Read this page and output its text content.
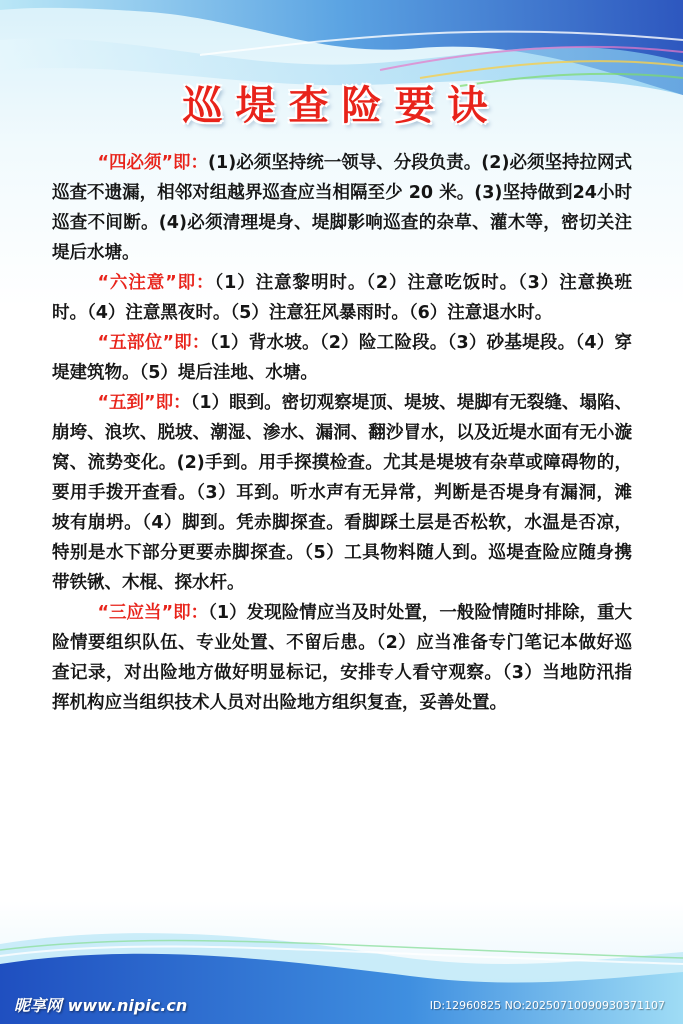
巡堤查险要诀

“四必须”即：(1)必须坚持统一领导、分段负责。(2)必须坚持拉网式巡查不遗漏，相邻对组越界巡查应当相隔至少 20 米。(3)坚持做到24小时巡查不间断。(4)必须清理堤身、堤脚影响巡查的杂草、灌木等，密切关注堤后水塘。

“六注意”即：（1）注意黎明时。（2）注意吃饭时。（3）注意换班时。（4）注意黑夜时。（5）注意狂风暴雨时。（6）注意退水时。

“五部位”即：（1）背水坡。（2）险工险段。（3）砂基堤段。（4）穿堤建筑物。（5）堤后洼地、水塘。

“五到”即：（1）眼到。密切观察堤顶、堤坡、堤脚有无裂缝、塌陷、崩垮、浪坎、脱坡、潮湿、渗水、漏洞、翻沙冒水，以及近堤水面有无小漩窝、流势变化。(2)手到。用手探摸检查。尤其是堤坡有杂草或障碍物的，要用手拨开查看。（3）耳到。听水声有无异常，判断是否堤身有漏洞，滩坡有崩坍。（4）脚到。凭赤脚探查。看脚踩土层是否松软，水温是否凉，特别是水下部分更要赤脚探查。（5）工具物料随人到。巡堤查险应随身携带铁锹、木棍、探水杆。

“三应当”即：（1）发现险情应当及时处置，一般险情随时排除，重大险情要组织队伍、专业处置、不留后患。（2）应当准备专门笔记本做好巡查记录，对出险地方做好明显标记，安排专人看守观察。（3）当地防汛指挥机构应当组织技术人员对出险地方组织复查，妥善处置。

昵享网 www.nipic.cn	ID:12960825 NO:20250710090930371107
